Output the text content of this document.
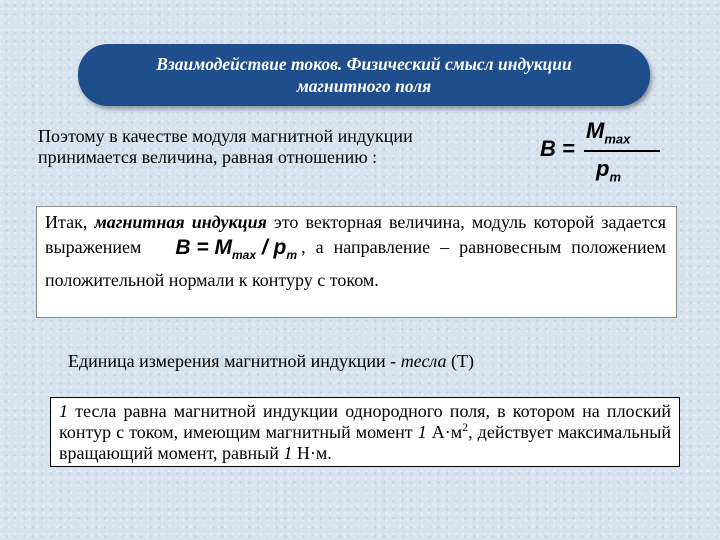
Взаимодействие токов. Физический смысл индукции
магнитного поля
Поэтому в качестве модуля магнитной индукции
принимается величина, равная отношению :	B =
$M_{max}$
$p_m$
Итак, магнитная индукция это векторная величина, модуль которой задается выражением $B = M_{max} / p_m$ , а направление – равновесным положением положительной нормали к контуру с током.
Единица измерения магнитной индукции - тесла (Т)
1 тесла равна магнитной индукции однородного поля, в котором на плоский контур с током, имеющим магнитный момент 1 $А\cdot м^2$, действует максимальный вращающий момент, равный 1 Н·м.
